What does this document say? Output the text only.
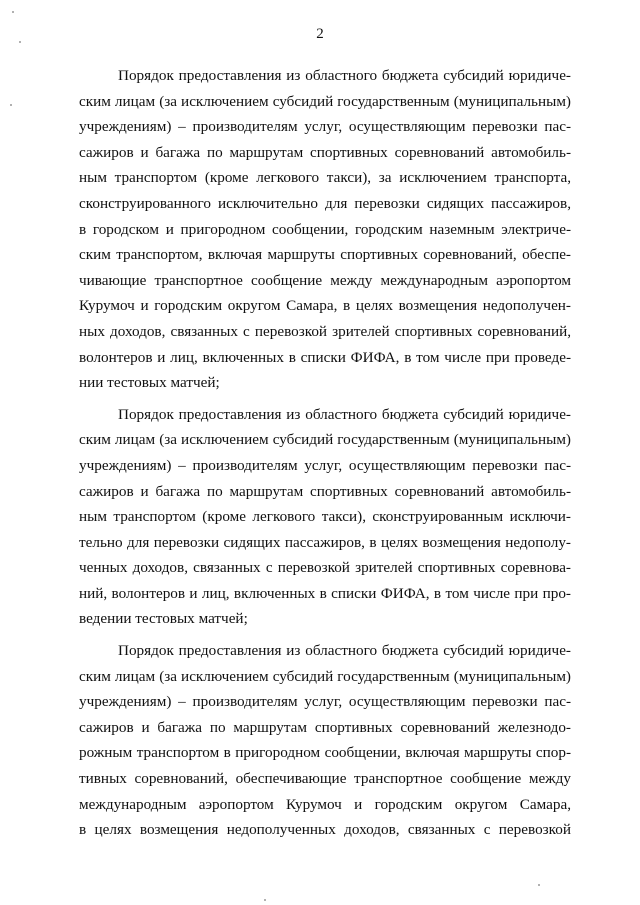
2
Порядок предоставления из областного бюджета субсидий юридиче-
ским лицам (за исключением субсидий государственным (муниципальным)
учреждениям) – производителям услуг, осуществляющим перевозки пас-
сажиров и багажа по маршрутам спортивных соревнований автомобиль-
ным транспортом (кроме легкового такси), за исключением транспорта,
сконструированного исключительно для перевозки сидящих пассажиров,
в городском и пригородном сообщении, городским наземным электриче-
ским транспортом, включая маршруты спортивных соревнований, обеспе-
чивающие транспортное сообщение между международным аэропортом
Курумоч и городским округом Самара, в целях возмещения недополучен-
ных доходов, связанных с перевозкой зрителей спортивных соревнований,
волонтеров и лиц, включенных в списки ФИФА, в том числе при проведе-
нии тестовых матчей;
Порядок предоставления из областного бюджета субсидий юридиче-
ским лицам (за исключением субсидий государственным (муниципальным)
учреждениям) – производителям услуг, осуществляющим перевозки пас-
сажиров и багажа по маршрутам спортивных соревнований автомобиль-
ным транспортом (кроме легкового такси), сконструированным исключи-
тельно для перевозки сидящих пассажиров, в целях возмещения недополу-
ченных доходов, связанных с перевозкой зрителей спортивных соревнова-
ний, волонтеров и лиц, включенных в списки ФИФА, в том числе при про-
ведении тестовых матчей;
Порядок предоставления из областного бюджета субсидий юридиче-
ским лицам (за исключением субсидий государственным (муниципальным)
учреждениям) – производителям услуг, осуществляющим перевозки пас-
сажиров и багажа по маршрутам спортивных соревнований железнодо-
рожным транспортом в пригородном сообщении, включая маршруты спор-
тивных соревнований, обеспечивающие транспортное сообщение между
международным аэропортом Курумоч и городским округом Самара,
в целях возмещения недополученных доходов, связанных с перевозкой
